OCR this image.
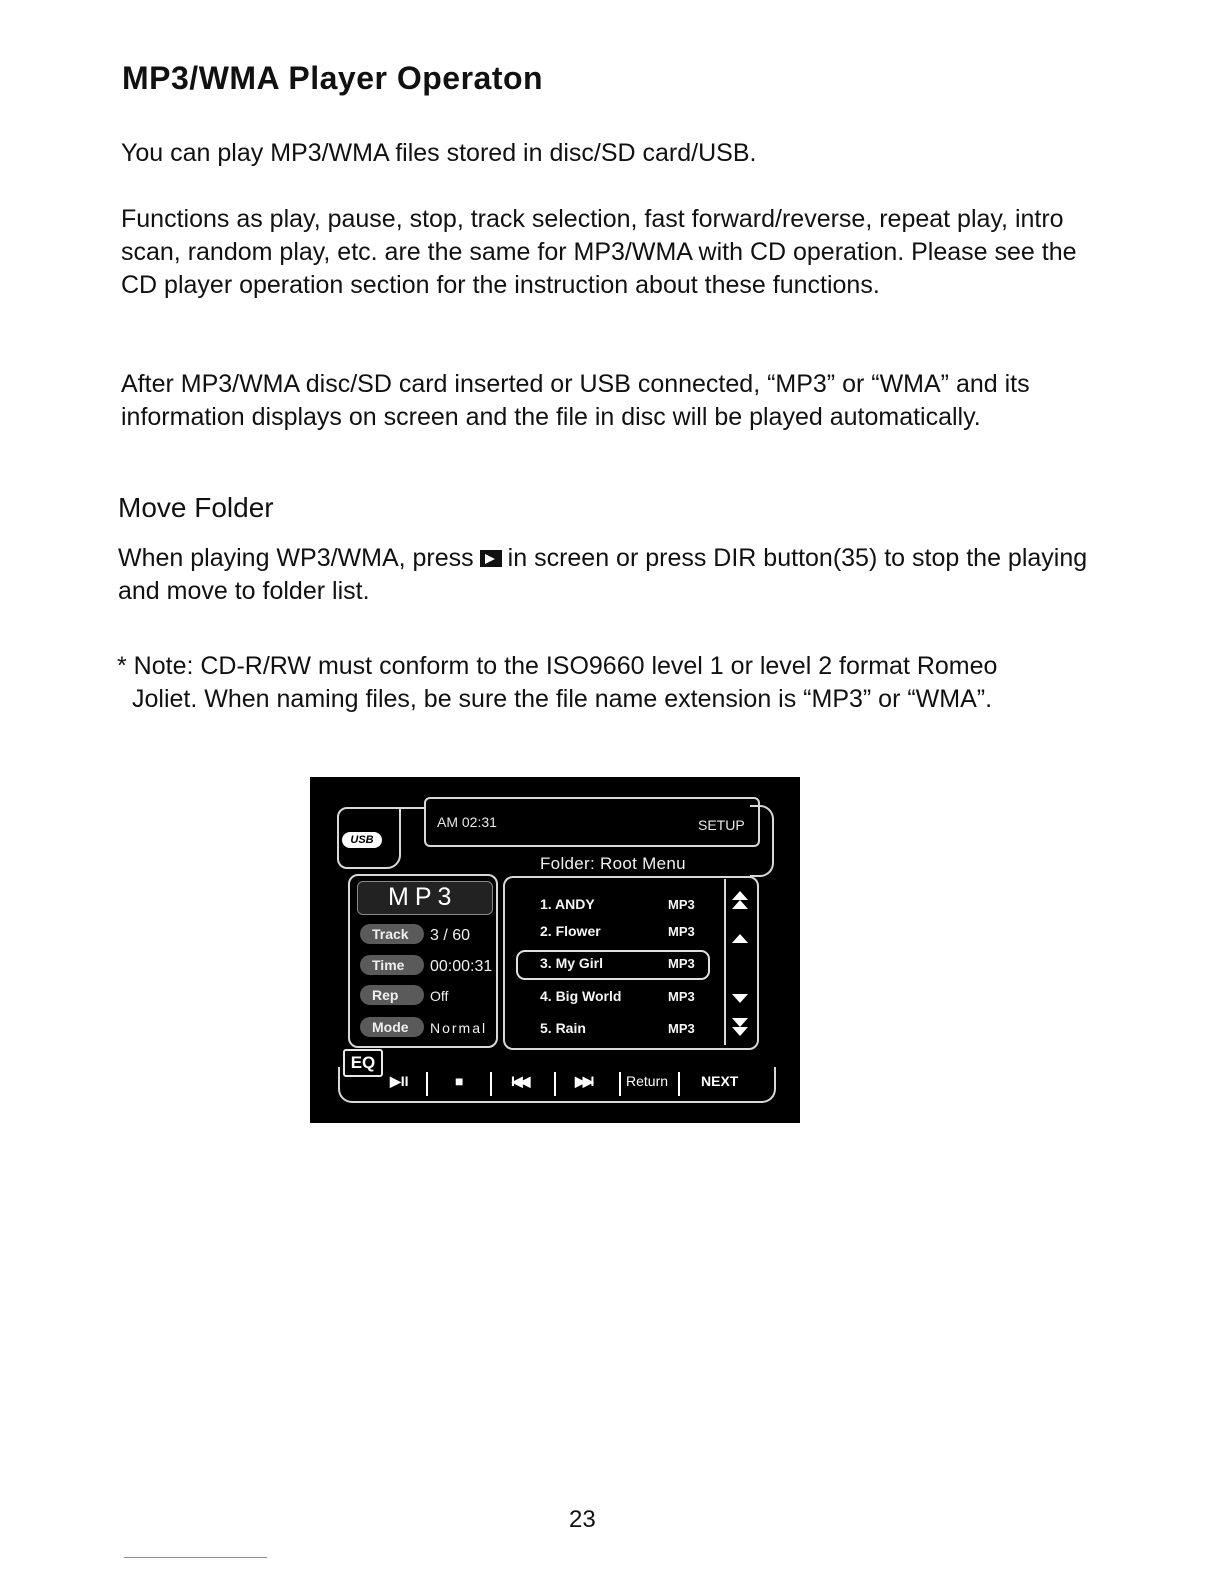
MP3/WMA Player Operaton

You can play MP3/WMA files stored in disc/SD card/USB.

Functions as play, pause, stop, track selection, fast forward/reverse, repeat play, intro scan, random play, etc. are the same for MP3/WMA with CD operation. Please see the CD player operation section for the instruction about these functions.

After MP3/WMA disc/SD card inserted or USB connected, “MP3” or “WMA” and its information displays on screen and the file in disc will be played automatically.

Move Folder

When playing WP3/WMA, press in screen or press DIR button(35) to stop the playing and move to folder list.

* Note: CD-R/RW must conform to the ISO9660 level 1 or level 2 format Romeo
Joliet. When naming files, be sure the file name extension is “MP3” or “WMA”.

USB
AM 02:31	SETUP
Folder: Root Menu
MP3
Track	3 / 60
Time	00:00:31
Rep	Off
Mode	Normal
1. ANDY	MP3
2. Flower	MP3
3. My Girl	MP3
4. Big World	MP3
5. Rain	MP3
EQ
▶II	■	I◀◀	▶▶I Return NEXT
23
